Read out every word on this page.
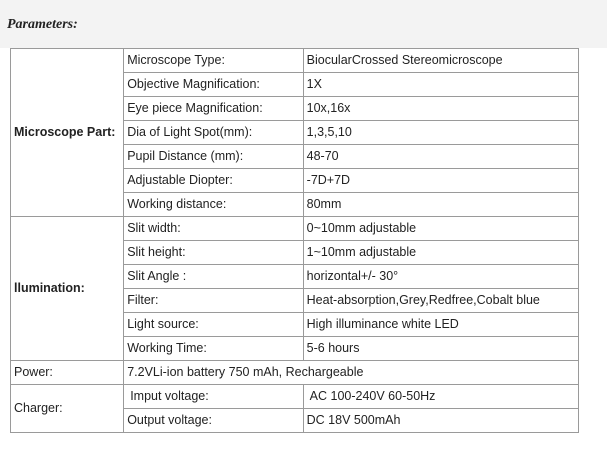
Parameters:
Microscope Part:	Microscope Type:	BiocularCrossed Stereomicroscope
	Objective Magnification:	1X
	Eye piece Magnification:	10x,16x
	Dia of Light Spot(mm):	1,3,5,10
	Pupil Distance (mm):	48-70
	Adjustable Diopter:	-7D+7D
	Working distance:	80mm
llumination:	Slit width:	0~10mm adjustable
	Slit height:	1~10mm adjustable
	Slit Angle :	horizontal+/- 30°
	Filter:	Heat-absorption,Grey,Redfree,Cobalt blue
	Light source:	High illuminance white LED
	Working Time:	5-6 hours
Power:	7.2VLi-ion battery 750 mAh, Rechargeable	
Charger:	Imput voltage:	AC 100-240V 60-50Hz
	Output voltage:	DC 18V 500mAh
